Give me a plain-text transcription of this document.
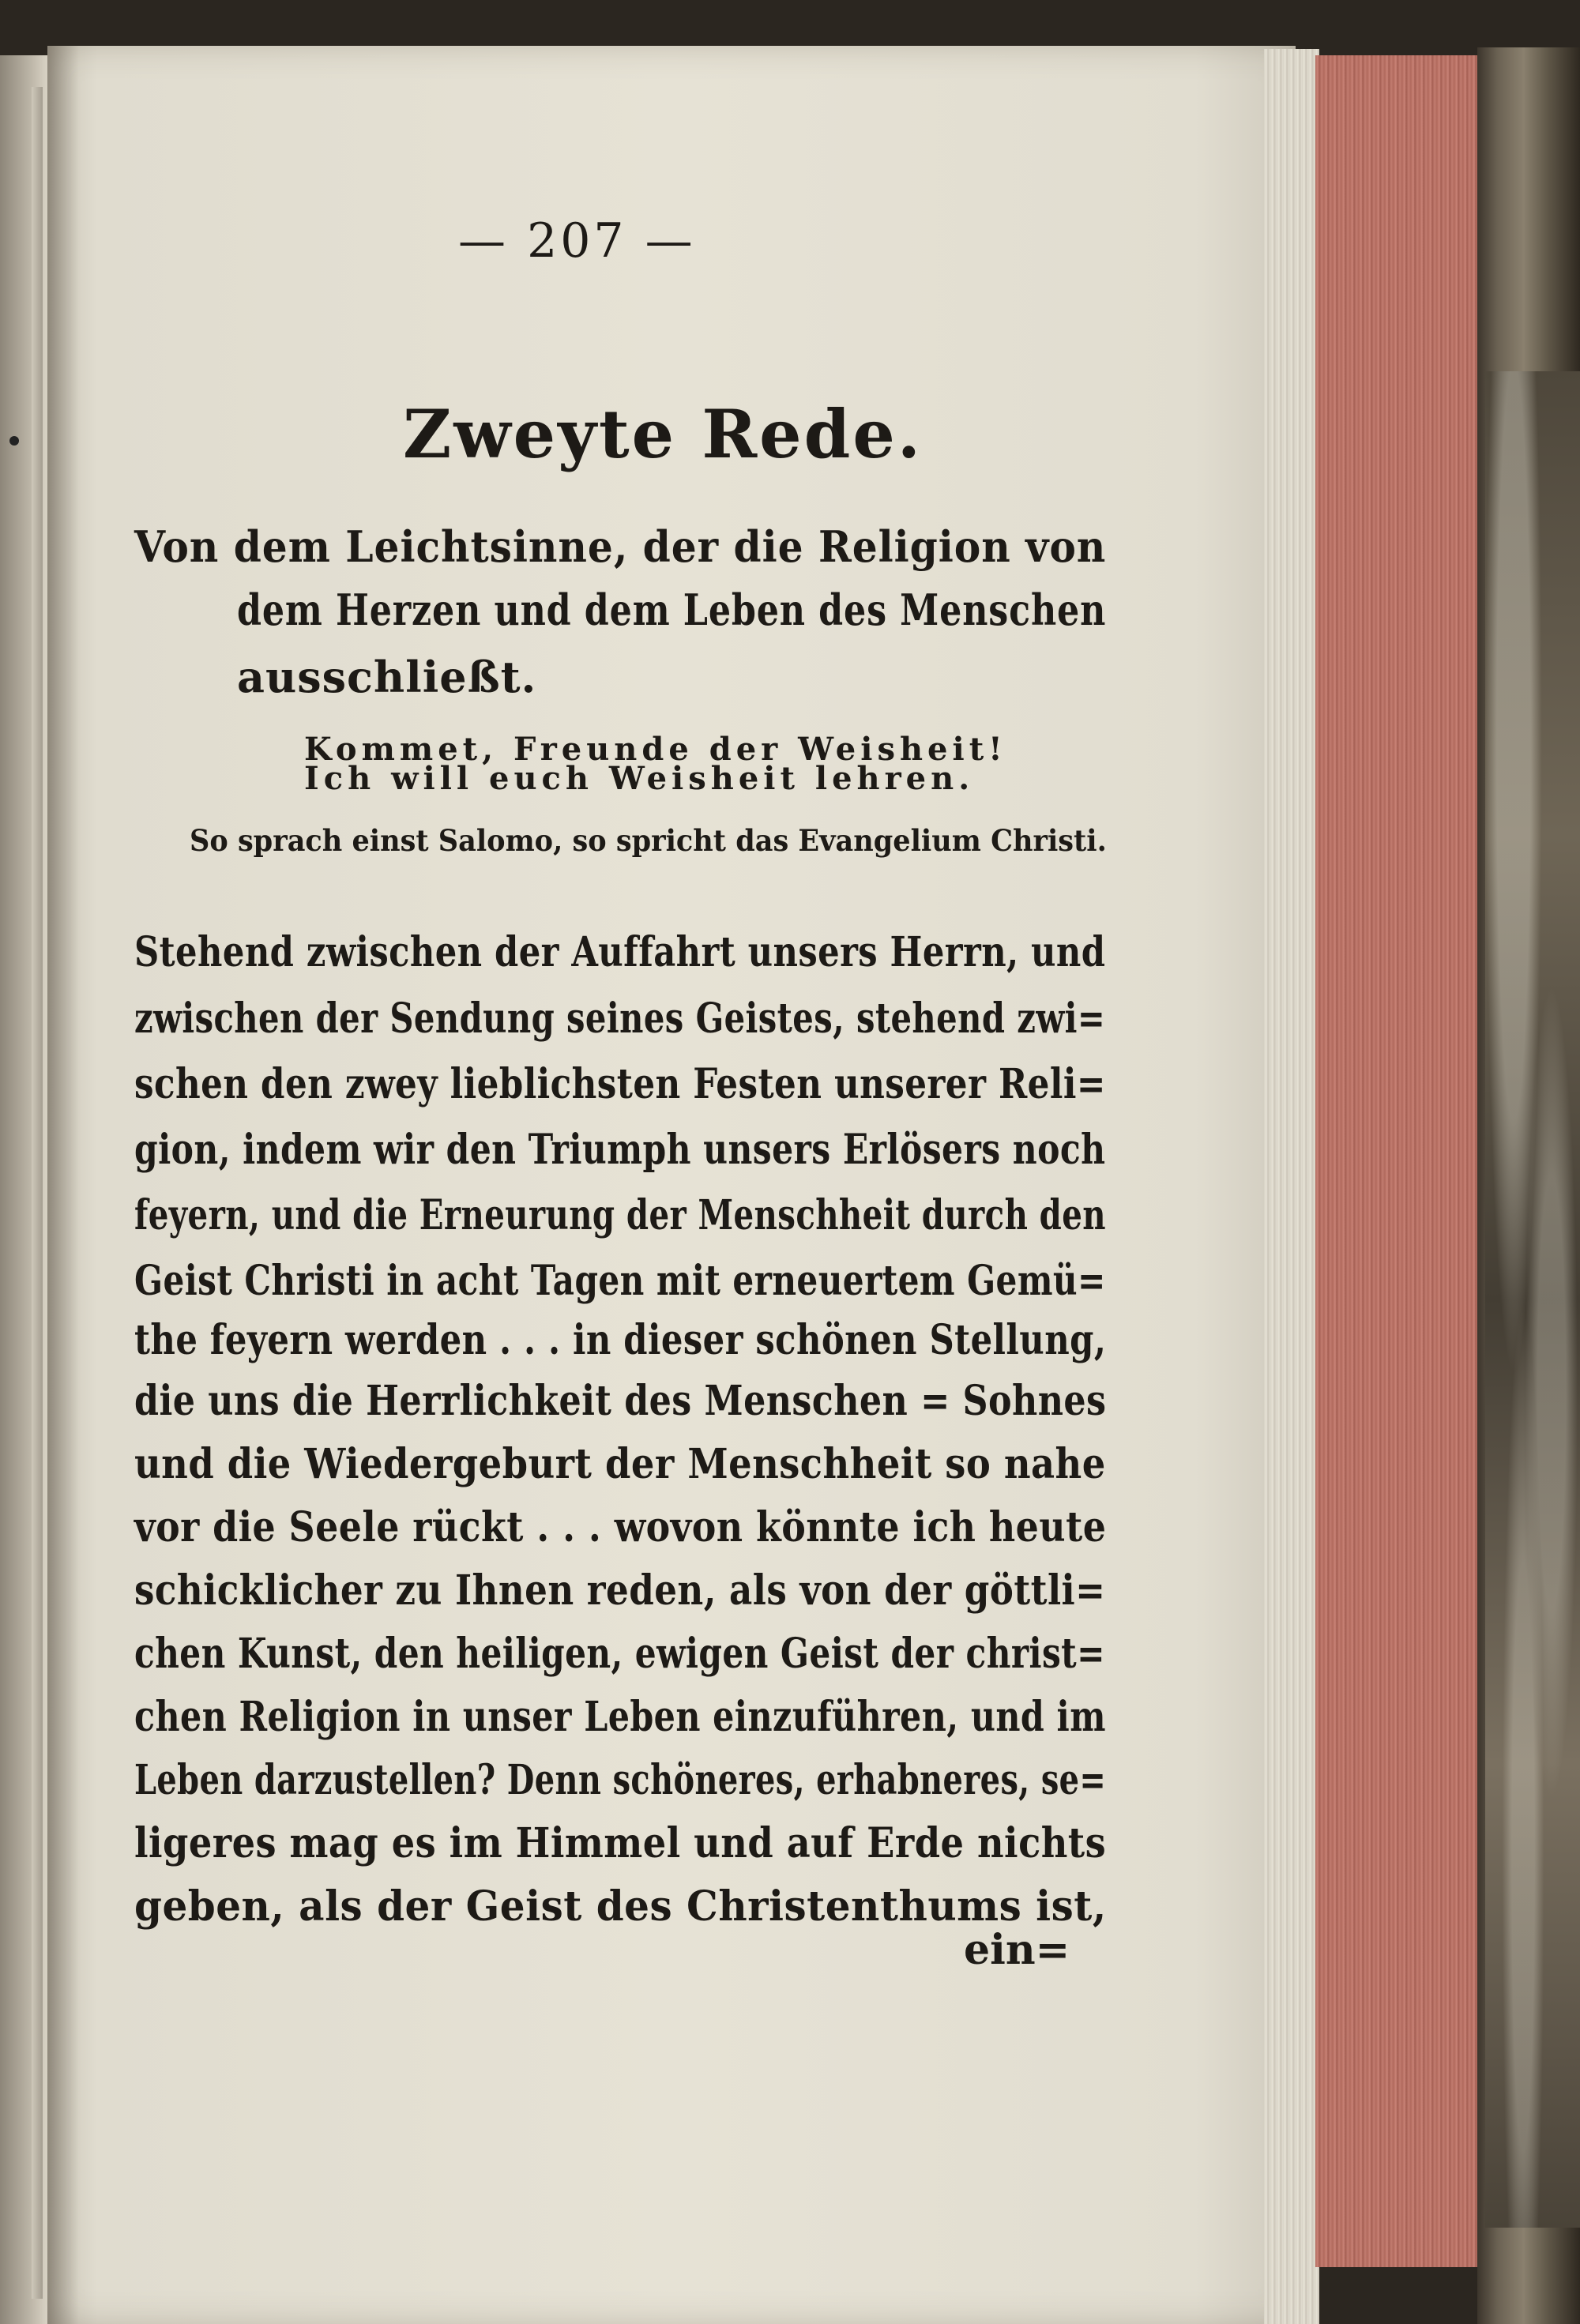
— 207 —
Zweyte Rede.
Von dem Leichtsinne, der die Religion von
dem Herzen und dem Leben des Menschen
ausschließt.
Kommet, Freunde der Weisheit!
Ich will euch Weisheit lehren.
So sprach einst Salomo, so spricht das Evangelium Christi.
Stehend zwischen der Auffahrt unsers Herrn, und
zwischen der Sendung seines Geistes, stehend zwi=
schen den zwey lieblichsten Festen unserer Reli=
gion, indem wir den Triumph unsers Erlösers noch
feyern, und die Erneurung der Menschheit durch den
Geist Christi in acht Tagen mit erneuertem Gemü=
the feyern werden . . . in dieser schönen Stellung,
die uns die Herrlichkeit des Menschen = Sohnes
und die Wiedergeburt der Menschheit so nahe
vor die Seele rückt . . . wovon könnte ich heute
schicklicher zu Ihnen reden, als von der göttli=
chen Kunst, den heiligen, ewigen Geist der christ=
chen Religion in unser Leben einzuführen, und im
Leben darzustellen? Denn schöneres, erhabneres, se=
ligeres mag es im Himmel und auf Erde nichts
geben, als der Geist des Christenthums ist,
ein=
